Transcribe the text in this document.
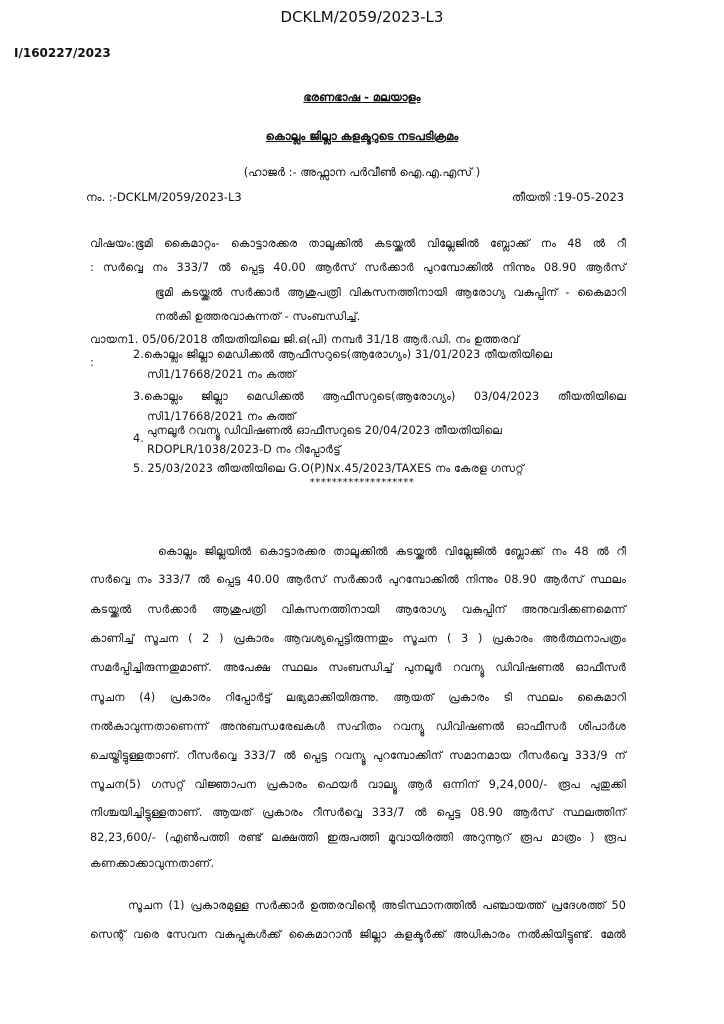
DCKLM/2059/2023-L3
I/160227/2023
ഭരണഭാഷ - മലയാളം
കൊല്ലം ജില്ലാ കളക്ടറുടെ നടപടിക്രമം
(ഹാജർ :- അഫ്സാന പർവീൺ ഐ.എ.എസ് )
നം. :-DCKLM/2059/2023-L3	തീയതി :19-05-2023
വിഷയം:ഭൂമി കൈമാറ്റം- കൊട്ടാരക്കര താലൂക്കിൽ കടയ്ക്കൽ വില്ലേജിൽ ബ്ലോക്ക് നം 48 ൽ റീ
: സർവ്വെ നം 333/7 ൽ പ്പെട്ട 40.00 ആർസ് സർക്കാർ പുറമ്പോക്കിൽ നിന്നും 08.90 ആർസ്
ഭൂമി കടയ്ക്കൽ സർക്കാർ ആശുപത്രി വികസനത്തിനായി ആരോഗ്യ വകുപ്പിന് - കൈമാറി
നൽകി ഉത്തരവാകുന്നത് - സംബന്ധിച്ച്.
വായന1. 05/06/2018 തീയതിയിലെ ജി.ഒ(പി) നമ്പർ 31/18 ആർ.ഡി. നം ഉത്തരവ്
:
2.കൊല്ലം ജില്ലാ മെഡിക്കൽ ആഫീസറുടെ(ആരോഗ്യം) 31/01/2023 തീയതിയിലെ
സി1/17668/2021 നം കത്ത്
3.കൊല്ലം ജില്ലാ മെഡിക്കൽ ആഫീസറുടെ(ആരോഗ്യം) 03/04/2023 തീയതിയിലെ
സി1/17668/2021 നം കത്ത്
പുനലൂർ റവന്യൂ ഡിവിഷണൽ ഓഫീസറുടെ 20/04/2023 തീയതിയിലെ
4.
RDOPLR/1038/2023-D നം റിപ്പോർട്ട്
5. 25/03/2023 തീയതിയിലെ G.O(P)Nx.45/2023/TAXES നം കേരള ഗസറ്റ്
*******************
കൊല്ലം ജില്ലയിൽ കൊട്ടാരക്കര താലൂക്കിൽ കടയ്ക്കൽ വില്ലേജിൽ ബ്ലോക്ക് നം 48 ൽ റീ
സർവ്വെ നം 333/7 ൽ പ്പെട്ട 40.00 ആർസ് സർക്കാർ പുറമ്പോക്കിൽ നിന്നും 08.90 ആർസ് സ്ഥലം
കടയ്ക്കൽ സർക്കാർ ആശുപത്രി വികസനത്തിനായി ആരോഗ്യ വകുപ്പിന് അനുവദിക്കണമെന്ന്
കാണിച്ച് സൂചന ( 2 ) പ്രകാരം ആവശ്യപ്പെട്ടിരുന്നതും സൂചന ( 3 ) പ്രകാരം അർത്ഥനാപത്രം
സമർപ്പിച്ചിരുന്നതുമാണ്. അപേക്ഷ സ്ഥലം സംബന്ധിച്ച് പുനലൂർ റവന്യൂ ഡിവിഷണൽ ഓഫീസർ
സൂചന (4) പ്രകാരം റിപ്പോർട്ട് ലഭ്യമാക്കിയിരുന്നു. ആയത് പ്രകാരം ടി സ്ഥലം കൈമാറി
നൽകാവുന്നതാണെന്ന് അനുബന്ധരേഖകൾ സഹിതം റവന്യൂ ഡിവിഷണൽ ഓഫീസർ ശിപാർശ
ചെയ്തിട്ടുള്ളതാണ്. റീസർവ്വെ 333/7 ൽ പ്പെട്ട റവന്യൂ പുറമ്പോക്കിന് സമാനമായ റീസർവ്വെ 333/9 ന്
സൂചന(5) ഗസറ്റ് വിജ്ഞാപന പ്രകാരം ഫെയർ വാല്യൂ ആർ ഒന്നിന് 9,24,000/- രൂപ പുതുക്കി
നിശ്ചയിച്ചിട്ടുള്ളതാണ്. ആയത് പ്രകാരം റീസർവ്വെ 333/7 ൽ പ്പെട്ട 08.90 ആർസ് സ്ഥലത്തിന്
82,23,600/- (എൺപത്തി രണ്ട് ലക്ഷത്തി ഇരുപത്തി മൂവായിരത്തി അറുന്നൂറ് രൂപ മാത്രം ) രൂപ
കണക്കാക്കാവുന്നതാണ്.
സൂചന (1) പ്രകാരമുള്ള സർക്കാർ ഉത്തരവിന്റെ അടിസ്ഥാനത്തിൽ പഞ്ചായത്ത് പ്രദേശത്ത് 50
സെന്റ് വരെ സേവന വകുപ്പുകൾക്ക് കൈമാറാൻ ജില്ലാ കളക്ടർക്ക് അധികാരം നൽകിയിട്ടുണ്ട്. മേൽ
